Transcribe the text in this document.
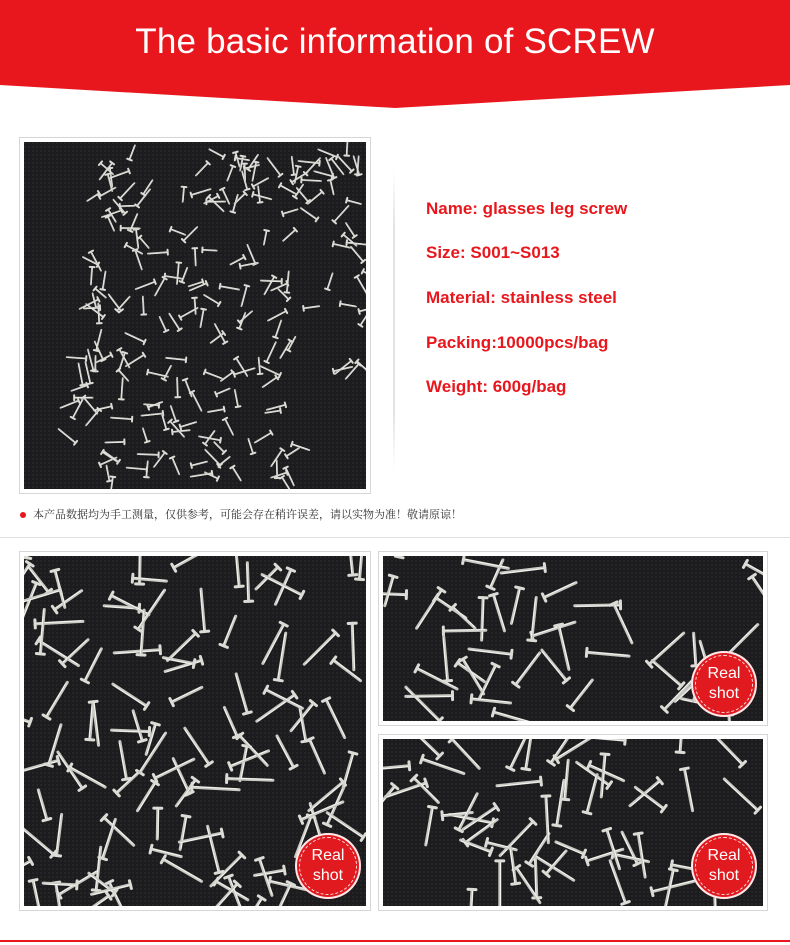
The basic information of SCREW
Name: glasses leg screw
Size: S001~S013
Material: stainless steel
Packing:10000pcs/bag
Weight: 600g/bag
本产品数据均为手工测量，仅供参考，可能会存在稍许误差，请以实物为准！敬请原谅！
Real
shot
Real
shot
Real
shot
